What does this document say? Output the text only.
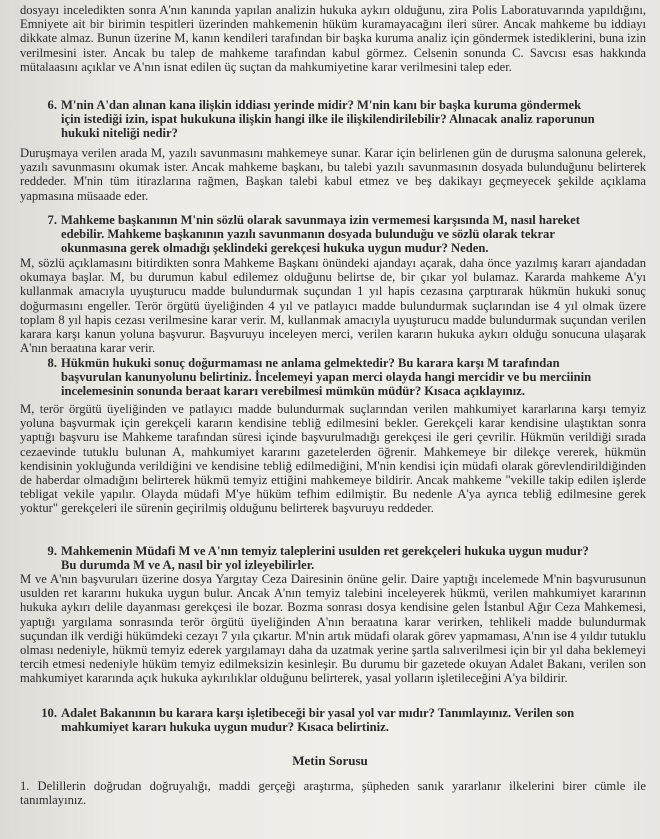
dosyayı inceledikten sonra A'nın kanında yapılan analizin hukuka aykırı olduğunu, zira Polis Laboratuvarında yapıldığını, Emniyete ait bir birimin tespitleri üzerinden mahkemenin hüküm kuramayacağını ileri sürer. Ancak mahkeme bu iddiayı dikkate almaz. Bunun üzerine M, kanın kendileri tarafından bir başka kuruma analiz için göndermek istediklerini, buna izin verilmesini ister. Ancak bu talep de mahkeme tarafından kabul görmez. Celsenin sonunda C. Savcısı esas hakkında mütalaasını açıklar ve A'nın isnat edilen üç suçtan da mahkumiyetine karar verilmesini talep eder.

6. M'nin A'dan alınan kana ilişkin iddiası yerinde midir? M'nin kanı bir başka kuruma göndermek
için istediği izin, ispat hukukuna ilişkin hangi ilke ile ilişkilendirilebilir? Alınacak analiz raporunun
hukuki niteliği nedir?

Duruşmaya verilen arada M, yazılı savunmasını mahkemeye sunar. Karar için belirlenen gün de duruşma salonuna gelerek, yazılı savunmasını okumak ister. Ancak mahkeme başkanı, bu talebi yazılı savunmasının dosyada bulunduğunu belirterek reddeder. M'nin tüm itirazlarına rağmen, Başkan talebi kabul etmez ve beş dakikayı geçmeyecek şekilde açıklama yapmasına müsaade eder.

7. Mahkeme başkanının M'nin sözlü olarak savunmaya izin vermemesi karşısında M, nasıl hareket
edebilir. Mahkeme başkanının yazılı savunmanın dosyada bulunduğu ve sözlü olarak tekrar
okunmasına gerek olmadığı şeklindeki gerekçesi hukuka uygun mudur? Neden.

M, sözlü açıklamasını bitirdikten sonra Mahkeme Başkanı önündeki ajandayı açarak, daha önce yazılmış kararı ajandadan okumaya başlar. M, bu durumun kabul edilemez olduğunu belirtse de, bir çıkar yol bulamaz. Kararda mahkeme A'yı kullanmak amacıyla uyuşturucu madde bulundurmak suçundan 1 yıl hapis cezasına çarptırarak hükmün hukuki sonuç doğurmasını engeller. Terör örgütü üyeliğinden 4 yıl ve patlayıcı madde bulundurmak suçlarından ise 4 yıl olmak üzere toplam 8 yıl hapis cezası verilmesine karar verir. M, kullanmak amacıyla uyuşturucu madde bulundurmak suçundan verilen karara karşı kanun yoluna başvurur. Başvuruyu inceleyen merci, verilen kararın hukuka aykırı olduğu sonucuna ulaşarak A'nın beraatına karar verir.

8. Hükmün hukuki sonuç doğurmaması ne anlama gelmektedir? Bu karara karşı M tarafından
başvurulan kanunyolunu belirtiniz. İncelemeyi yapan merci olayda hangi mercidir ve bu merciinin
incelemesinin sonunda beraat kararı verebilmesi mümkün müdür? Kısaca açıklayınız.

M, terör örgütü üyeliğinden ve patlayıcı madde bulundurmak suçlarından verilen mahkumiyet kararlarına karşı temyiz yoluna başvurmak için gerekçeli kararın kendisine tebliğ edilmesini bekler. Gerekçeli karar kendisine ulaştıktan sonra yaptığı başvuru ise Mahkeme tarafından süresi içinde başvurulmadığı gerekçesi ile geri çevrilir. Hükmün verildiği sırada cezaevinde tutuklu bulunan A, mahkumiyet kararını gazetelerden öğrenir. Mahkemeye bir dilekçe vererek, hükmün kendisinin yokluğunda verildiğini ve kendisine tebliğ edilmediğini, M'nin kendisi için müdafi olarak görevlendirildiğinden de haberdar olmadığını belirterek hükmü temyiz ettiğini mahkemeye bildirir. Ancak mahkeme "vekille takip edilen işlerde tebligat vekile yapılır. Olayda müdafi M'ye hüküm tefhim edilmiştir. Bu nedenle A'ya ayrıca tebliğ edilmesine gerek yoktur" gerekçeleri ile sürenin geçirilmiş olduğunu belirterek başvuruyu reddeder.

9. Mahkemenin Müdafi M ve A'nın temyiz taleplerini usulden ret gerekçeleri hukuka uygun mudur?
Bu durumda M ve A, nasıl bir yol izleyebilirler.

M ve A'nın başvuruları üzerine dosya Yargıtay Ceza Dairesinin önüne gelir. Daire yaptığı incelemede M'nin başvurusunun usulden ret kararını hukuka uygun bulur. Ancak A'nın temyiz talebini inceleyerek hükmü, verilen mahkumiyet kararının hukuka aykırı delile dayanması gerekçesi ile bozar. Bozma sonrası dosya kendisine gelen İstanbul Ağır Ceza Mahkemesi, yaptığı yargılama sonrasında terör örgütü üyeliğinden A'nın beraatına karar verirken, tehlikeli madde bulundurmak suçundan ilk verdiği hükümdeki cezayı 7 yıla çıkartır. M'nin artık müdafi olarak görev yapmaması, A'nın ise 4 yıldır tutuklu olması nedeniyle, hükmü temyiz ederek yargılamayı daha da uzatmak yerine şartla salıverilmesi için bir yıl daha beklemeyi tercih etmesi nedeniyle hüküm temyiz edilmeksizin kesinleşir. Bu durumu bir gazetede okuyan Adalet Bakanı, verilen son mahkumiyet kararında açık hukuka aykırılıklar olduğunu belirterek, yasal yolların işletileceğini A'ya bildirir.

10. Adalet Bakanının bu karara karşı işletibeceği bir yasal yol var mıdır? Tanımlayınız. Verilen son
mahkumiyet kararı hukuka uygun mudur? Kısaca belirtiniz.
Metin Sorusu

1. Delillerin doğrudan doğruyalığı, maddi gerçeği araştırma, şüpheden sanık yararlanır ilkelerini birer cümle ile tanımlayınız.
